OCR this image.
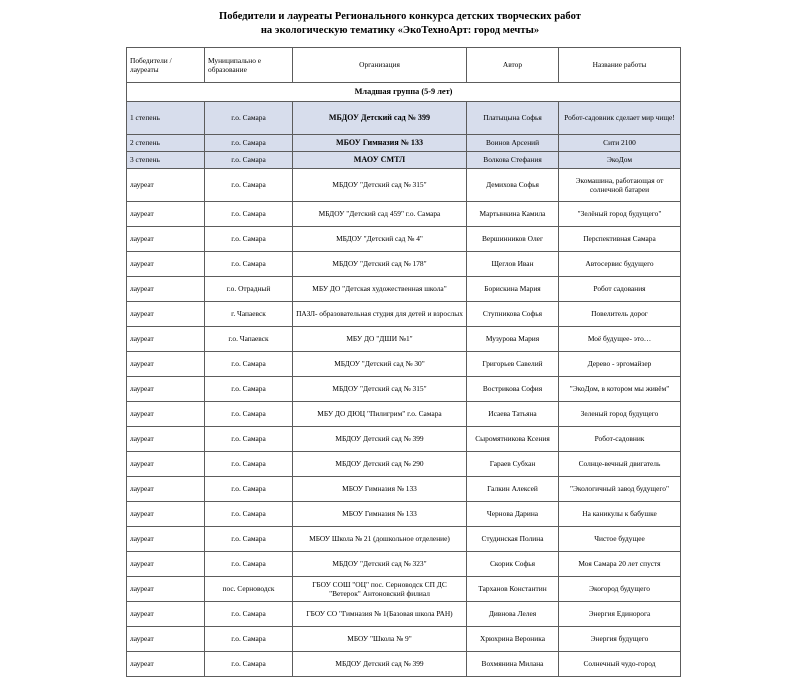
Победители и лауреаты Регионального конкурса детских творческих работ
на экологическую тематику «ЭкоТехноАрт: город мечты»
Победители / лауреаты	Муниципально е образование	Организация	Автор	Название работы
Младшая группа (5-9 лет)				
1 степень	г.о. Самара	МБДОУ Детский сад № 399	Платыцына Софья	Робот-садовник сделает мир чище!
2 степень	г.о. Самара	МБОУ Гимназия № 133	Воинов Арсений	Сити 2100
3 степень	г.о. Самара	МАОУ СМТЛ	Волкова Стефания	ЭкоДом
лауреат	г.о. Самара	МБДОУ "Детский сад № 315"	Демихова Софья	Экомашина, работающая от солнечной батареи
лауреат	г.о. Самара	МБДОУ "Детский сад 459" г.о. Самара	Мартынкина Камила	"Зелёный город будущего"
лауреат	г.о. Самара	МБДОУ "Детский сад № 4"	Вершинников Олег	Перспективная Самара
лауреат	г.о. Самара	МБДОУ "Детский сад № 178"	Щеглов Иван	Автосервис будущего
лауреат	г.о. Отрадный	МБУ ДО "Детская художественная школа"	Борискина Мария	Робот садования
лауреат	г. Чапаевск	ПАЗЛ- образовательная студия для детей и взрослых	Ступникова Софья	Повелитель дорог
лауреат	г.о. Чапаевск	МБУ ДО "ДШИ №1"	Музурова Мария	Моё будущее- это…
лауреат	г.о. Самара	МБДОУ "Детский сад № 30"	Григорьев Савелий	Дерево - эргомайзер
лауреат	г.о. Самара	МБДОУ "Детский сад № 315"	Вострикова София	"ЭкоДом, в котором мы живём"
лауреат	г.о. Самара	МБУ ДО ДЮЦ "Пилигрим" г.о. Самара	Исаева Татьяна	Зеленый город будущего
лауреат	г.о. Самара	МБДОУ Детский сад № 399	Сыромятникова Ксения	Робот-садовник
лауреат	г.о. Самара	МБДОУ Детский сад № 290	Гараев Субхан	Солнце-вечный двигатель
лауреат	г.о. Самара	МБОУ Гимназия № 133	Галкин Алексей	"Экологичный завод будущего"
лауреат	г.о. Самара	МБОУ Гимназия № 133	Чернова Дарина	На каникулы к бабушке
лауреат	г.о. Самара	МБОУ Школа № 21 (дошкольное отделение)	Студинская Полина	Чистое будущее
лауреат	г.о. Самара	МБДОУ "Детский сад № 323"	Скорик Софья	Моя Самара 20 лет спустя
лауреат	пос. Серноводск	ГБОУ СОШ "ОЦ" пос. Серноводск СП ДС "Ветерок" Антоновский филиал	Тарханов Константин	Экогород будущего
лауреат	г.о. Самара	ГБОУ СО "Гимназия № 1(Базовая школа РАН)	Дивнова Лелея	Энергия Единорога
лауреат	г.о. Самара	МБОУ "Школа № 9"	Хрюхрина Вероника	Энергия будущего
лауреат	г.о. Самара	МБДОУ Детский сад № 399	Вохмянина Милана	Солнечный чудо-город
